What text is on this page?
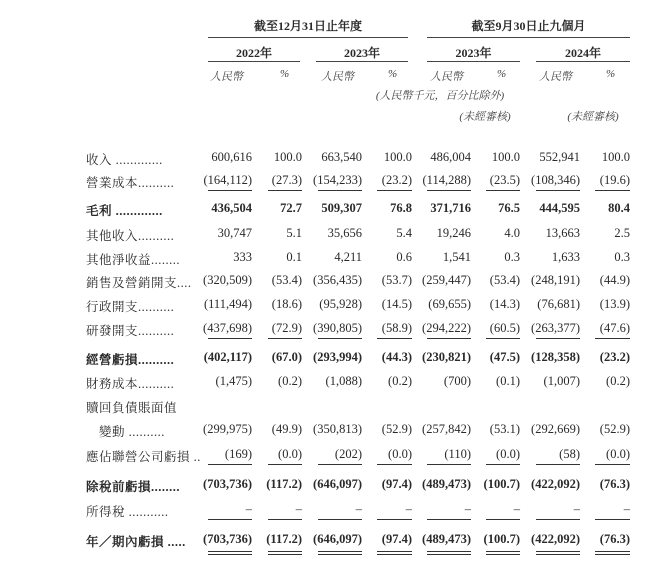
截至12月31日止年度	截至9月30日止九個月
2022年	2023年	2023年	2024年
人民幣	%	人民幣	%	人民幣	%	人民幣	%
(人民幣千元，百分比除外)
(未經審核)	(未經審核)
收入 .............	600,616 100.0 663,540 100.0 486,004 100.0 552,941 100.0
營業成本.......... (164,112) (27.3) (154,233) (23.2) (114,288) (23.5) (108,346) (19.6)
毛利 .............	436,504 72.7 509,307 76.8 371,716 76.5 444,595 80.4
其他收入..........	30,747	5.1 35,656	5.4 19,246	4.0 13,663	2.5
其他淨收益........	333	0.1	4,211	0.6 1,541	0.3	1,633	0.3
銷售及營銷開支.... (320,509) (53.4) (356,435) (53.7) (259,447) (53.4) (248,191) (44.9)
行政開支.......... (111,494) (18.6) (95,928) (14.5) (69,655) (14.3) (76,681) (13.9)
研發開支.......... (437,698) (72.9) (390,805) (58.9) (294,222) (60.5) (263,377) (47.6)
經營虧損.......... (402,117) (67.0) (293,994) (44.3) (230,821) (47.5) (128,358) (23.2)
財務成本..........	(1,475) (0.2) (1,088) (0.2)	(700) (0.1) (1,007) (0.2)
贖回負債賬面值
　變動 ..........	(299,975) (49.9) (350,813) (52.9) (257,842) (53.1) (292,669) (52.9)
應佔聯營公司虧損 .. (169) (0.0)	(202) (0.0)	(110) (0.0)	(58) (0.0)
除稅前虧損........ (703,736) (117.2) (646,097) (97.4) (489,473) (100.7) (422,092) (76.3)
所得稅 ...........	–	–	–	–	–	–	–	–
年／期內虧損 ..... (703,736) (117.2) (646,097) (97.4) (489,473) (100.7) (422,092) (76.3)
